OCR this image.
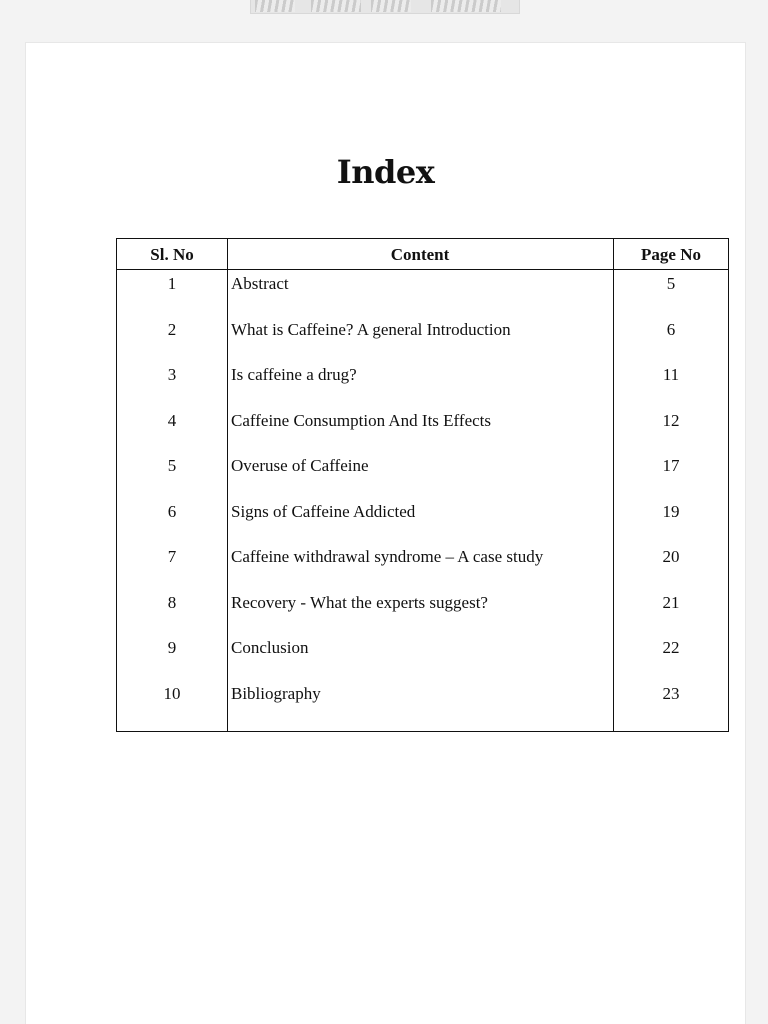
Index
Sl. No	Content	Page No
1	Abstract	5
2	What is Caffeine? A general Introduction	6
3	Is caffeine a drug?	11
4	Caffeine Consumption And Its Effects	12
5	Overuse of Caffeine	17
6	Signs of Caffeine Addicted	19
7	Caffeine withdrawal syndrome – A case study	20
8	Recovery - What the experts suggest?	21
9	Conclusion	22
10	Bibliography	23
